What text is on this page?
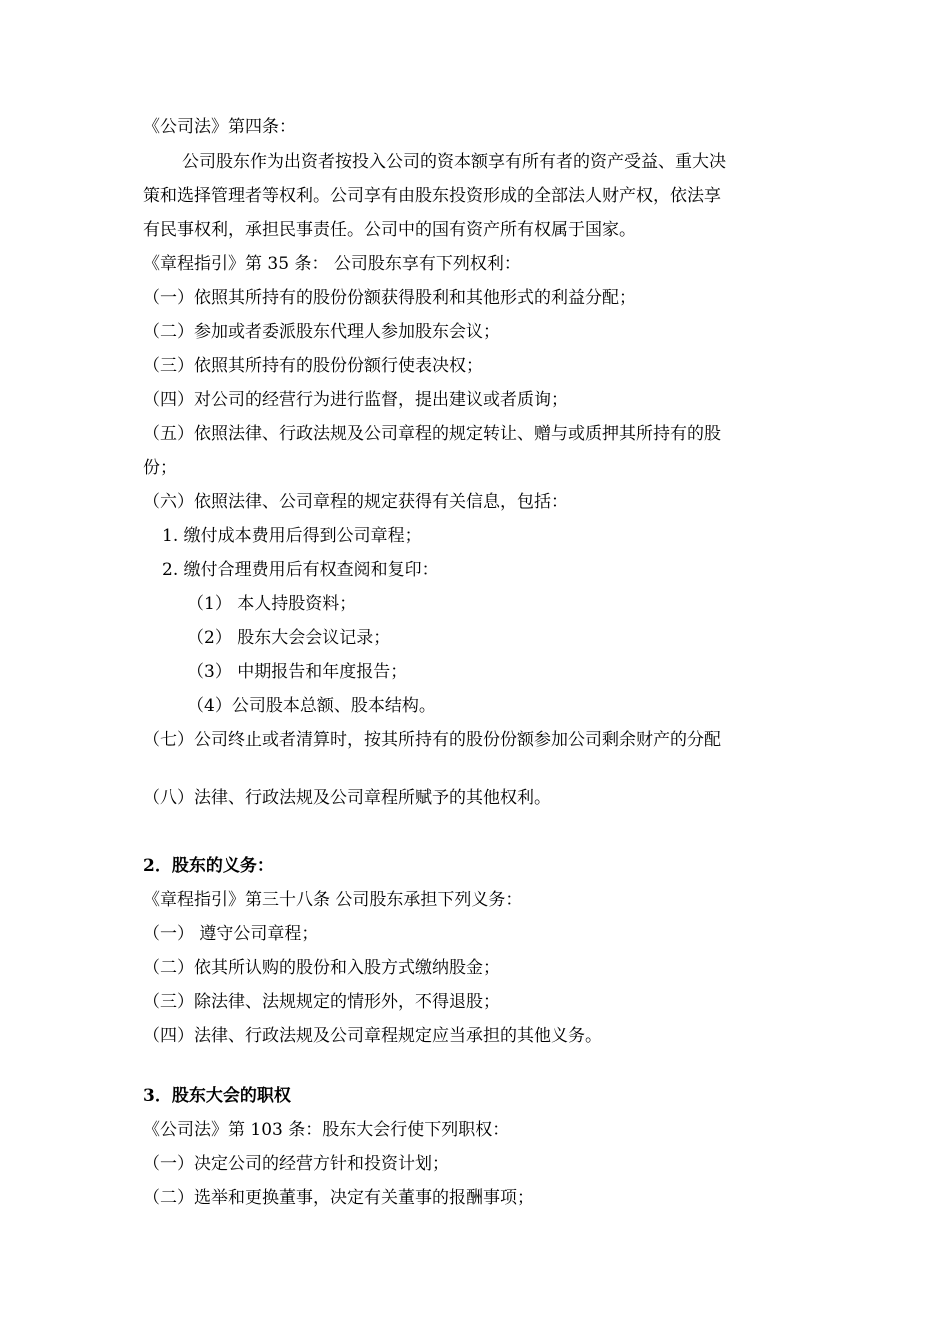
《公司法》第四条：
公司股东作为出资者按投入公司的资本额享有所有者的资产受益、重大决
策和选择管理者等权利。公司享有由股东投资形成的全部法人财产权，依法享
有民事权利，承担民事责任。公司中的国有资产所有权属于国家。
《章程指引》第 35 条： 公司股东享有下列权利：
（一）依照其所持有的股份份额获得股利和其他形式的利益分配；
（二）参加或者委派股东代理人参加股东会议；
（三）依照其所持有的股份份额行使表决权；
（四）对公司的经营行为进行监督，提出建议或者质询；
（五）依照法律、行政法规及公司章程的规定转让、赠与或质押其所持有的股
份；
（六）依照法律、公司章程的规定获得有关信息，包括：
1. 缴付成本费用后得到公司章程；
2. 缴付合理费用后有权查阅和复印：
（1） 本人持股资料；
（2） 股东大会会议记录；
（3） 中期报告和年度报告；
（4）公司股本总额、股本结构。
（七）公司终止或者清算时，按其所持有的股份份额参加公司剩余财产的分配
（八）法律、行政法规及公司章程所赋予的其他权利。
2．股东的义务：
《章程指引》第三十八条 公司股东承担下列义务：
（一） 遵守公司章程；
（二）依其所认购的股份和入股方式缴纳股金；
（三）除法律、法规规定的情形外，不得退股；
（四）法律、行政法规及公司章程规定应当承担的其他义务。
3．股东大会的职权
《公司法》第 103 条：股东大会行使下列职权：
（一）决定公司的经营方针和投资计划；
（二）选举和更换董事，决定有关董事的报酬事项；
